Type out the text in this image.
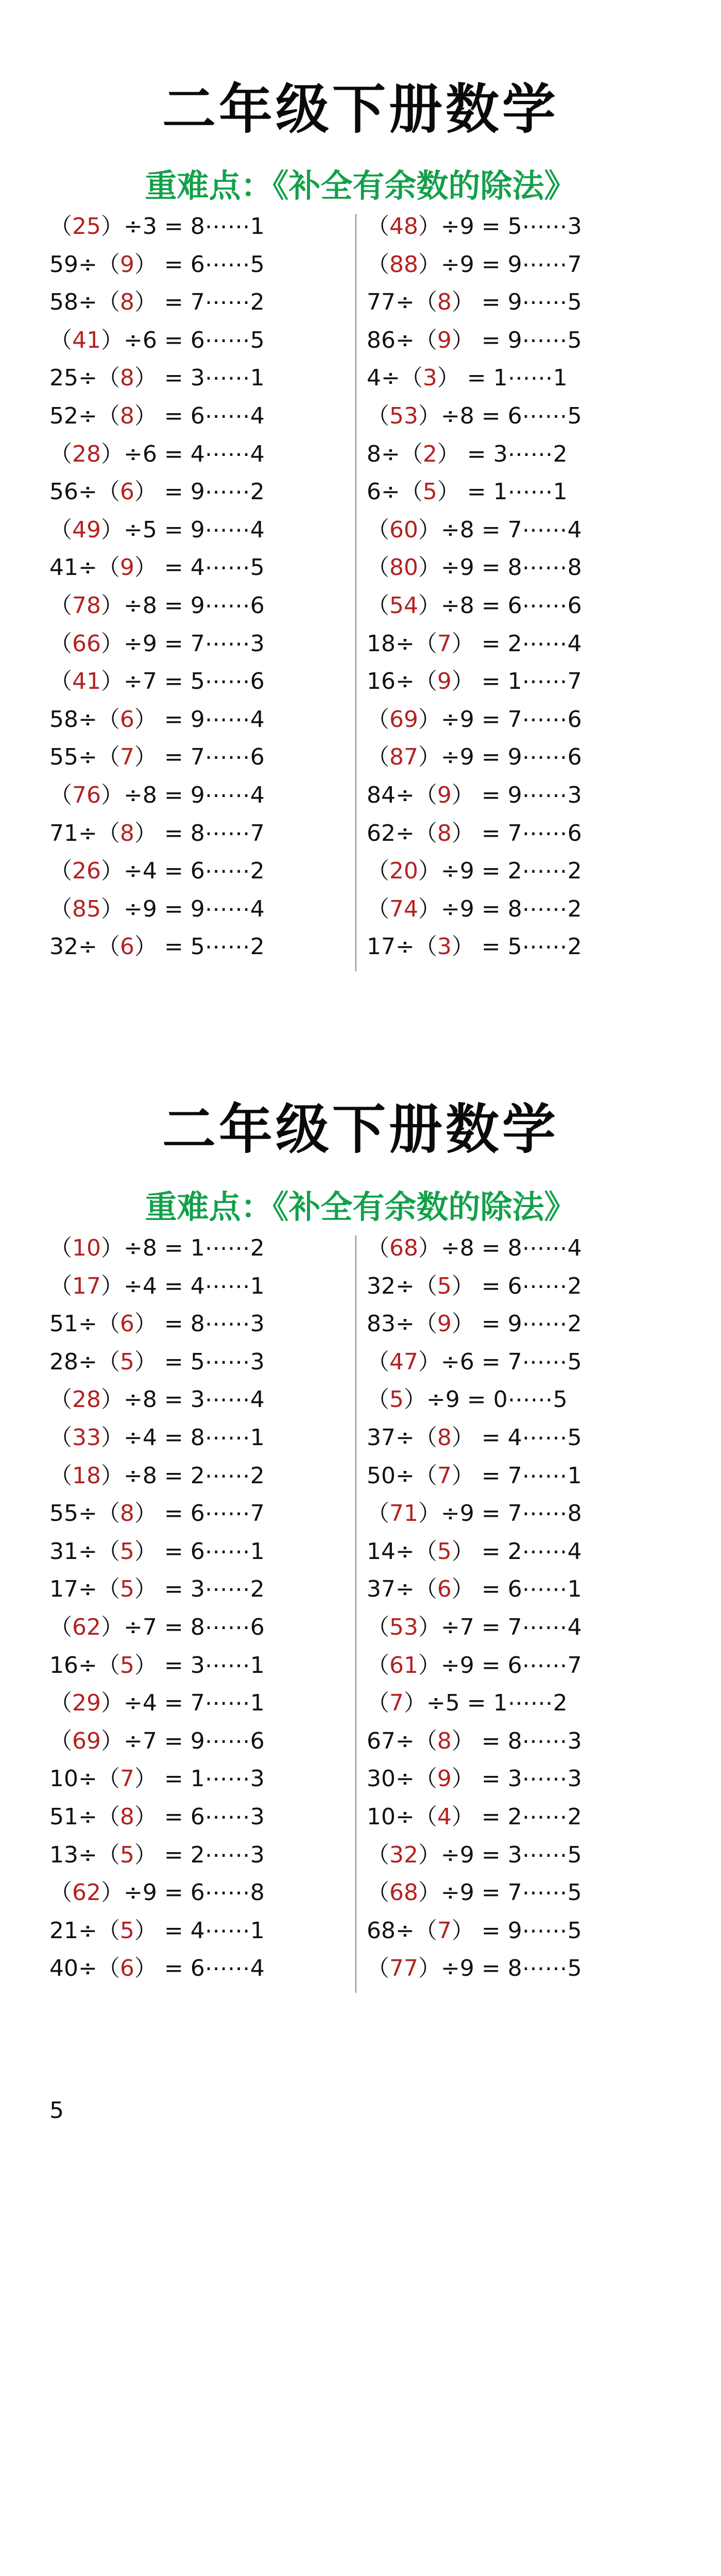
二年级下册数学
重难点：《补全有余数的除法》
（25）÷3 = 8⋯⋯1
59÷（9） = 6⋯⋯5
58÷（8） = 7⋯⋯2
（41）÷6 = 6⋯⋯5
25÷（8） = 3⋯⋯1
52÷（8） = 6⋯⋯4
（28）÷6 = 4⋯⋯4
56÷（6） = 9⋯⋯2
（49）÷5 = 9⋯⋯4
41÷（9） = 4⋯⋯5
（78）÷8 = 9⋯⋯6
（66）÷9 = 7⋯⋯3
（41）÷7 = 5⋯⋯6
58÷（6） = 9⋯⋯4
55÷（7） = 7⋯⋯6
（76）÷8 = 9⋯⋯4
71÷（8） = 8⋯⋯7
（26）÷4 = 6⋯⋯2
（85）÷9 = 9⋯⋯4
32÷（6） = 5⋯⋯2
（48）÷9 = 5⋯⋯3
（88）÷9 = 9⋯⋯7
77÷（8） = 9⋯⋯5
86÷（9） = 9⋯⋯5
4÷（3） = 1⋯⋯1
（53）÷8 = 6⋯⋯5
8÷（2） = 3⋯⋯2
6÷（5） = 1⋯⋯1
（60）÷8 = 7⋯⋯4
（80）÷9 = 8⋯⋯8
（54）÷8 = 6⋯⋯6
18÷（7） = 2⋯⋯4
16÷（9） = 1⋯⋯7
（69）÷9 = 7⋯⋯6
（87）÷9 = 9⋯⋯6
84÷（9） = 9⋯⋯3
62÷（8） = 7⋯⋯6
（20）÷9 = 2⋯⋯2
（74）÷9 = 8⋯⋯2
17÷（3） = 5⋯⋯2
二年级下册数学
重难点：《补全有余数的除法》
（10）÷8 = 1⋯⋯2
（17）÷4 = 4⋯⋯1
51÷（6） = 8⋯⋯3
28÷（5） = 5⋯⋯3
（28）÷8 = 3⋯⋯4
（33）÷4 = 8⋯⋯1
（18）÷8 = 2⋯⋯2
55÷（8） = 6⋯⋯7
31÷（5） = 6⋯⋯1
17÷（5） = 3⋯⋯2
（62）÷7 = 8⋯⋯6
16÷（5） = 3⋯⋯1
（29）÷4 = 7⋯⋯1
（69）÷7 = 9⋯⋯6
10÷（7） = 1⋯⋯3
51÷（8） = 6⋯⋯3
13÷（5） = 2⋯⋯3
（62）÷9 = 6⋯⋯8
21÷（5） = 4⋯⋯1
40÷（6） = 6⋯⋯4
（68）÷8 = 8⋯⋯4
32÷（5） = 6⋯⋯2
83÷（9） = 9⋯⋯2
（47）÷6 = 7⋯⋯5
（5）÷9 = 0⋯⋯5
37÷（8） = 4⋯⋯5
50÷（7） = 7⋯⋯1
（71）÷9 = 7⋯⋯8
14÷（5） = 2⋯⋯4
37÷（6） = 6⋯⋯1
（53）÷7 = 7⋯⋯4
（61）÷9 = 6⋯⋯7
（7）÷5 = 1⋯⋯2
67÷（8） = 8⋯⋯3
30÷（9） = 3⋯⋯3
10÷（4） = 2⋯⋯2
（32）÷9 = 3⋯⋯5
（68）÷9 = 7⋯⋯5
68÷（7） = 9⋯⋯5
（77）÷9 = 8⋯⋯5
5
